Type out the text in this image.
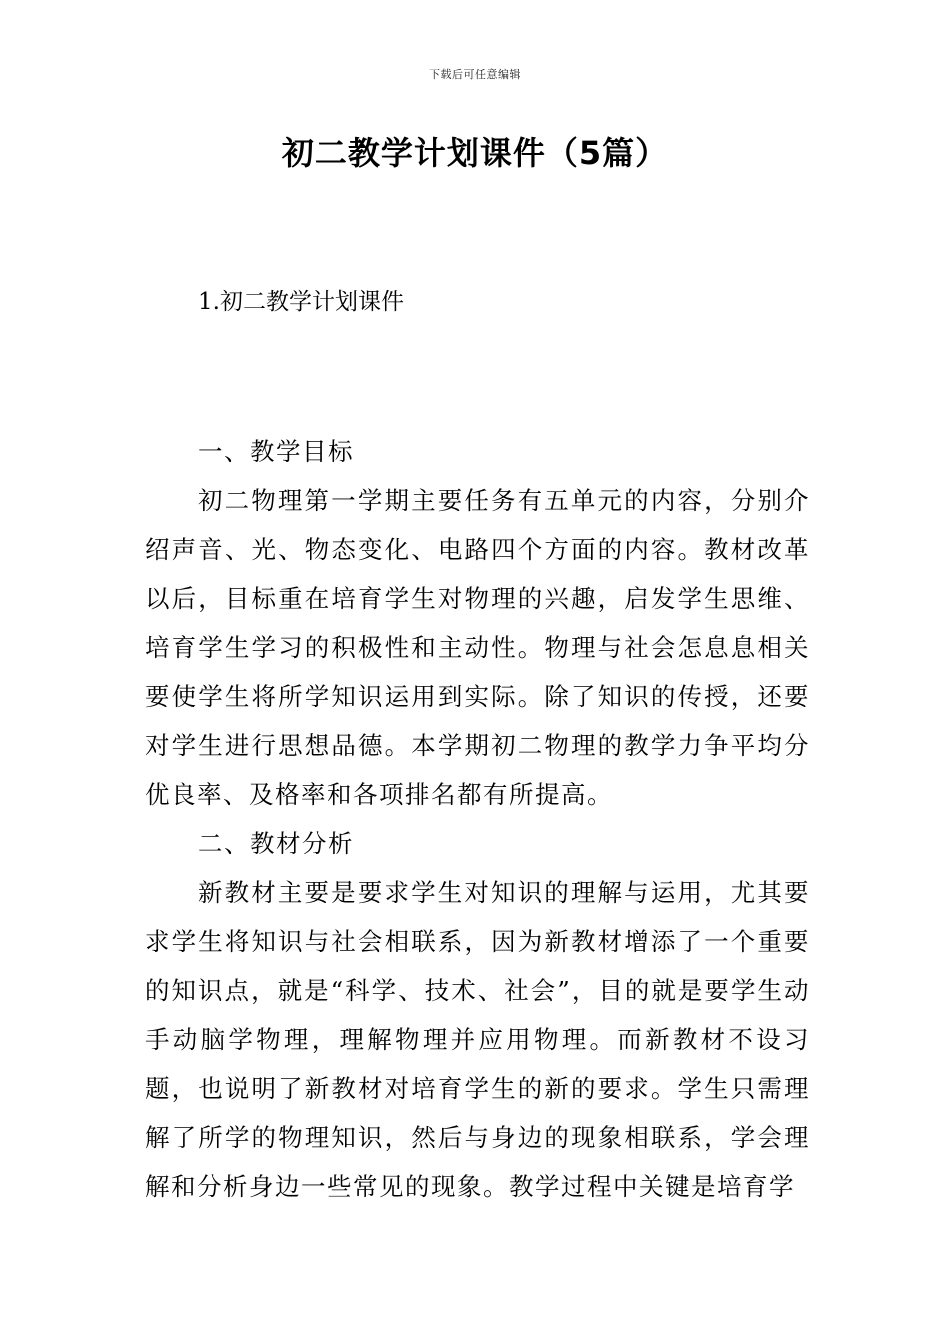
下载后可任意编辑
初二教学计划课件（5篇）
1.初二教学计划课件

一、教学目标

初二物理第一学期主要任务有五单元的内容，分别介绍声音、光、物态变化、电路四个方面的内容。教材改革以后，目标重在培育学生对物理的兴趣，启发学生思维、培育学生学习的积极性和主动性。物理与社会怎息息相关要使学生将所学知识运用到实际。除了知识的传授，还要对学生进行思想品德。本学期初二物理的教学力争平均分优良率、及格率和各项排名都有所提高。

二、教材分析

新教材主要是要求学生对知识的理解与运用，尤其要求学生将知识与社会相联系，因为新教材增添了一个重要的知识点，就是“科学、技术、社会”，目的就是要学生动手动脑学物理，理解物理并应用物理。而新教材不设习题，也说明了新教材对培育学生的新的要求。学生只需理解了所学的物理知识，然后与身边的现象相联系，学会理解和分析身边一些常见的现象。教学过程中关键是培育学
